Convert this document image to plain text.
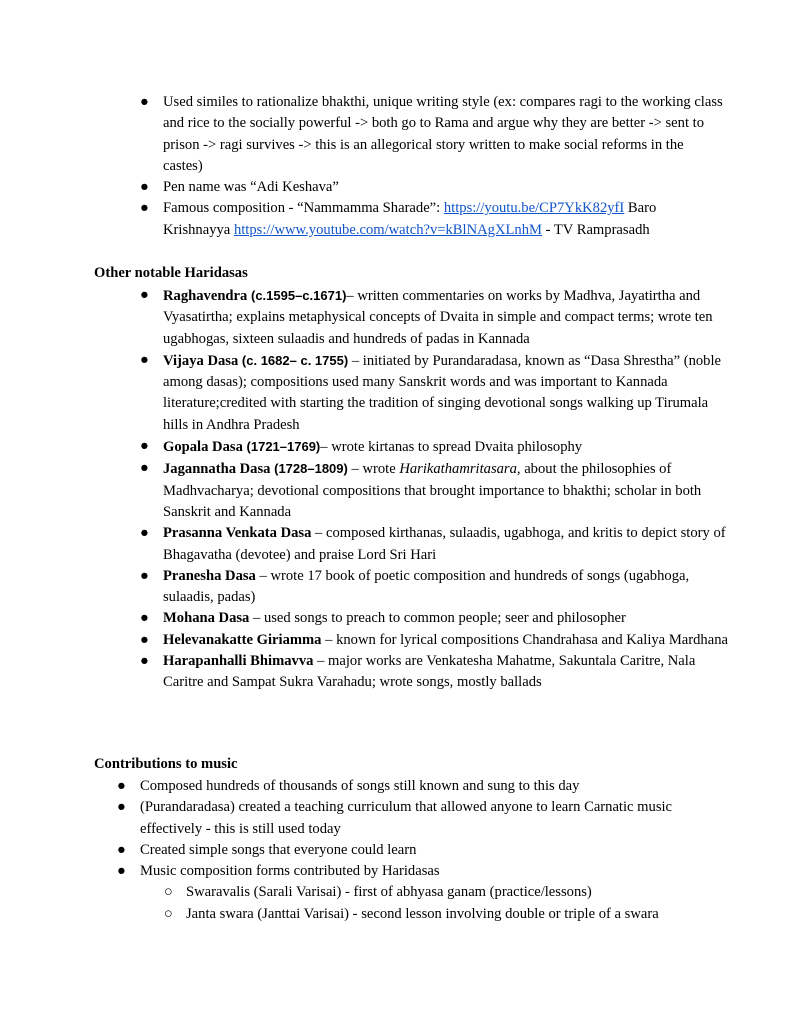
● Used similes to rationalize bhakthi, unique writing style (ex: compares ragi to the working class and rice to the socially powerful -> both go to Rama and argue why they are better -> sent to prison -> ragi survives -> this is an allegorical story written to make social reforms in the castes)
● Pen name was “Adi Keshava”
● Famous composition - “Nammamma Sharade”: https://youtu.be/CP7YkK82yfI Baro Krishnayya https://www.youtube.com/watch?v=kBlNAgXLnhM - TV Ramprasadh
Other notable Haridasas
● Raghavendra (c.1595–c.1671)– written commentaries on works by Madhva, Jayatirtha and Vyasatirtha; explains metaphysical concepts of Dvaita in simple and compact terms; wrote ten ugabhogas, sixteen sulaadis and hundreds of padas in Kannada
● Vijaya Dasa (c. 1682– c. 1755) – initiated by Purandaradasa, known as “Dasa Shrestha” (noble among dasas); compositions used many Sanskrit words and was important to Kannada literature;credited with starting the tradition of singing devotional songs walking up Tirumala hills in Andhra Pradesh
● Gopala Dasa (1721–1769)– wrote kirtanas to spread Dvaita philosophy
● Jagannatha Dasa (1728–1809) – wrote Harikathamritasara, about the philosophies of Madhvacharya; devotional compositions that brought importance to bhakthi; scholar in both Sanskrit and Kannada
● Prasanna Venkata Dasa – composed kirthanas, sulaadis, ugabhoga, and kritis to depict story of Bhagavatha (devotee) and praise Lord Sri Hari
● Pranesha Dasa – wrote 17 book of poetic composition and hundreds of songs (ugabhoga, sulaadis, padas)
● Mohana Dasa – used songs to preach to common people; seer and philosopher
● Helevanakatte Giriamma – known for lyrical compositions Chandrahasa and Kaliya Mardhana
● Harapanhalli Bhimavva – major works are Venkatesha Mahatme, Sakuntala Caritre, Nala Caritre and Sampat Sukra Varahadu; wrote songs, mostly ballads
Contributions to music
● Composed hundreds of thousands of songs still known and sung to this day
● (Purandaradasa) created a teaching curriculum that allowed anyone to learn Carnatic music effectively - this is still used today
● Created simple songs that everyone could learn
● Music composition forms contributed by Haridasas
○ Swaravalis (Sarali Varisai) - first of abhyasa ganam (practice/lessons)
○ Janta swara (Janttai Varisai) - second lesson involving double or triple of a swara
